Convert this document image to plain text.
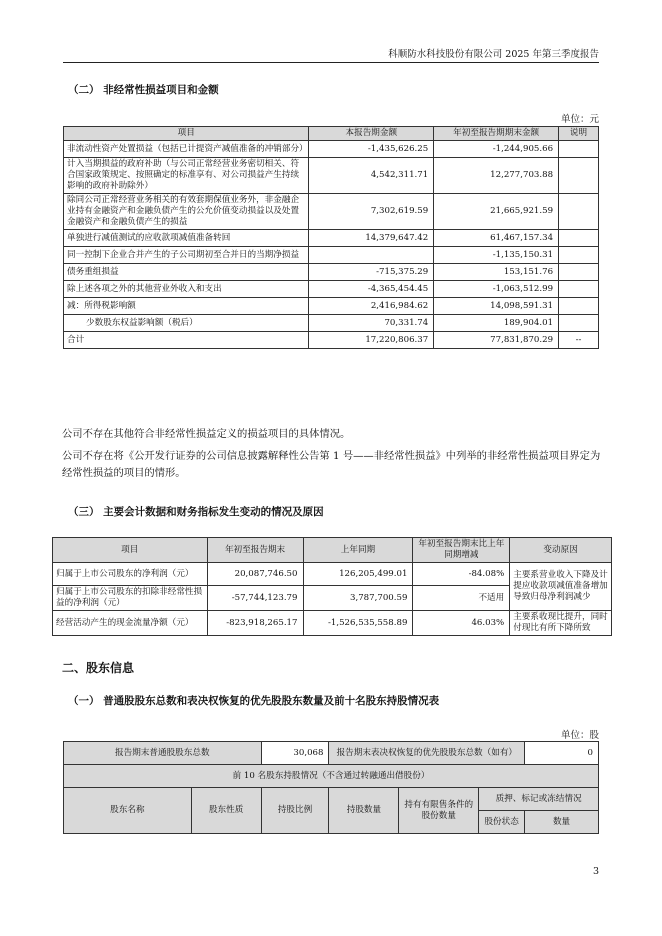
科顺防水科技股份有限公司 2025 年第三季度报告
（二） 非经常性损益项目和金额
单位：元
项目	本报告期金额	年初至报告期期末金额	说明
非流动性资产处置损益（包括已计提资产减值准备的冲销部分）	-1,435,626.25	-1,244,905.66	
计入当期损益的政府补助（与公司正常经营业务密切相关、符合国家政策规定、按照确定的标准享有、对公司损益产生持续影响的政府补助除外）	4,542,311.71	12,277,703.88	
除同公司正常经营业务相关的有效套期保值业务外，非金融企业持有金融资产和金融负债产生的公允价值变动损益以及处置金融资产和金融负债产生的损益	7,302,619.59	21,665,921.59	
单独进行减值测试的应收款项减值准备转回	14,379,647.42	61,467,157.34	
同一控制下企业合并产生的子公司期初至合并日的当期净损益		-1,135,150.31	
债务重组损益	-715,375.29	153,151.76	
除上述各项之外的其他营业外收入和支出	-4,365,454.45	-1,063,512.99	
减：所得税影响额	2,416,984.62	14,098,591.31	
少数股东权益影响额（税后）	70,331.74	189,904.01	
合计	17,220,806.37	77,831,870.29	--
公司不存在其他符合非经常性损益定义的损益项目的具体情况。
公司不存在将《公开发行证券的公司信息披露解释性公告第 1 号——非经常性损益》中列举的非经常性损益项目界定为经常性损益的项目的情形。
（三） 主要会计数据和财务指标发生变动的情况及原因
项目	年初至报告期末	上年同期	年初至报告期末比上年同期增减	变动原因
归属于上市公司股东的净利润（元）	20,087,746.50	126,205,499.01	-84.08%	主要系营业收入下降及计提应收款项减值准备增加导致归母净利润减少
归属于上市公司股东的扣除非经常性损益的净利润（元）	-57,744,123.79	3,787,700.59	不适用	
经营活动产生的现金流量净额（元）	-823,918,265.17	-1,526,535,558.89	46.03%	主要系收现比提升，同时付现比有所下降所致
二、股东信息
（一） 普通股股东总数和表决权恢复的优先股股东数量及前十名股东持股情况表
单位：股
报告期末普通股股东总数		30,068	报告期末表决权恢复的优先股股东总数（如有）			0
前 10 名股东持股情况（不含通过转融通出借股份）						
股东名称	股东性质	持股比例	持股数量	持有有限售条件的股份数量	质押、标记或冻结情况	
					股份状态	数量
3
